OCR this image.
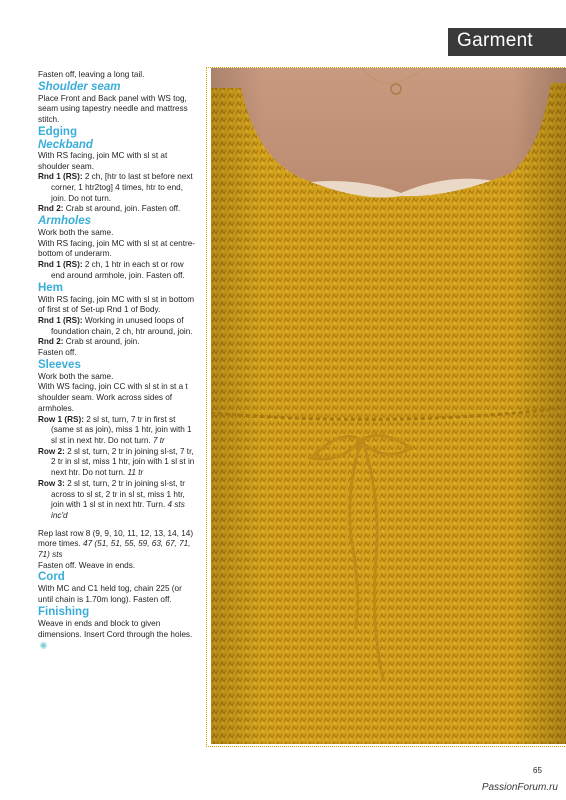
Garment

Fasten off, leaving a long tail.

Shoulder seam

Place Front and Back panel with WS tog, seam using tapestry needle and mattress stitch.

Edging

Neckband

With RS facing, join MC with sl st at shoulder seam.

Rnd 1 (RS): 2 ch, [htr to last st before next corner, 1 htr2tog] 4 times, htr to end, join. Do not turn.

Rnd 2: Crab st around, join. Fasten off.

Armholes

Work both the same.

With RS facing, join MC with sl st at centre-bottom of underarm.

Rnd 1 (RS): 2 ch, 1 htr in each st or row end around armhole, join. Fasten off.

Hem

With RS facing, join MC with sl st in bottom of first st of Set-up Rnd 1 of Body.

Rnd 1 (RS): Working in unused loops of foundation chain, 2 ch, htr around, join.

Rnd 2: Crab st around, join.

Fasten off.

Sleeves

Work both the same.

With WS facing, join CC with sl st in st a t shoulder seam. Work across sides of armholes.

Row 1 (RS): 2 sl st, turn, 7 tr in first st (same st as join), miss 1 htr, join with 1 sl st in next htr. Do not turn. 7 tr

Row 2: 2 sl st, turn, 2 tr in joining sl-st, 7 tr, 2 tr in sl st, miss 1 htr, join with 1 sl st in next htr. Do not turn. 11 tr

Row 3: 2 sl st, turn, 2 tr in joining sl-st, tr across to sl st, 2 tr in sl st, miss 1 htr, join with 1 sl st in next htr. Turn. 4 sts inc'd

Rep last row 8 (9, 9, 10, 11, 12, 13, 14, 14) more times. 47 (51, 51, 55, 59, 63, 67, 71, 71) sts

Fasten off. Weave in ends.

Cord

With MC and C1 held tog, chain 225 (or until chain is 1.70m long). Fasten off.

Finishing

Weave in ends and block to given dimensions. Insert Cord through the holes.

65
PassionForum.ru
